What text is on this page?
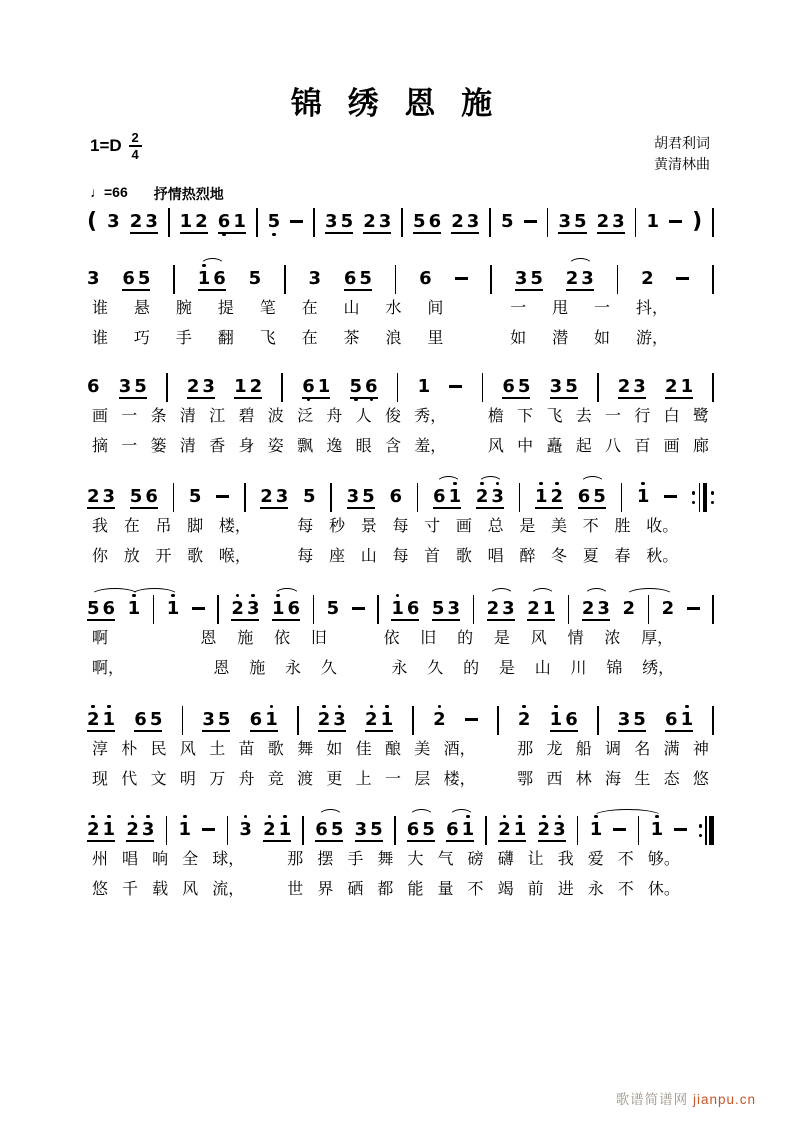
锦 绣 恩 施
1=D 2
4
胡君利词
黄清林曲
♩=66 抒情热烈地
( 3 2 3 1 2 6 1 5 3 5 2 3 5 6 2 3 5 3 5 2 3 1 )
3 6 5	1 6 5	3 6 5	6	3 5 2 3	2
谁 悬 腕 提 笔 在 山 水 间	一 甩 一 抖，
谁 巧 手 翻 飞 在 茶 浪 里	如 潜 如 游，
6 3 5 2 3 1 2 6 1 5 6 1	6 5 3 5 2 3 2 1
画 一 条 清 江 碧 波 泛 舟 人 俊 秀，	檐 下 飞 去 一 行 白 鹭
摘 一 篓 清 香 身 姿 飘 逸 眼 含 羞，	风 中 矗 起 八 百 画 廊
2 3 5 6 5	2 3 5 3 5 6 6 1 2 3 1 2 6 5 1
我 在 吊 脚 楼，	每 秒 景 每 寸 画 总 是 美 不 胜 收。
你 放 开 歌 喉，	每 座 山 每 首 歌 唱 醉 冬 夏 春 秋。
5 6 1 1	2 3 1 6 5	1 6 5 3 2 3 2 1 2 3 2 2
啊	恩 施 依 旧	依 旧 的 是 风 情 浓 厚，
啊，	恩 施 永 久	永 久 的 是 山 川 锦 绣，
2 1 6 5 3 5 6 1 2 3 2 1 2	2 1 6 3 5 6 1
淳 朴 民 风 土 苗 歌 舞 如 佳 酿 美 酒，	那 龙 船 调 名 满 神
现 代 文 明 万 舟 竞 渡 更 上 一 层 楼，	鄂 西 林 海 生 态 悠
2 1 2 3 1	3 2 1 6 5 3 5 6 5 6 1 2 1 2 3 1	1
州 唱 响 全 球，	那 摆 手 舞 大 气 磅 礴 让 我 爱 不 够。
悠 千 载 风 流，	世 界 硒 都 能 量 不 竭 前 进 永 不 休。
歌谱简谱网 jianpu.cn
